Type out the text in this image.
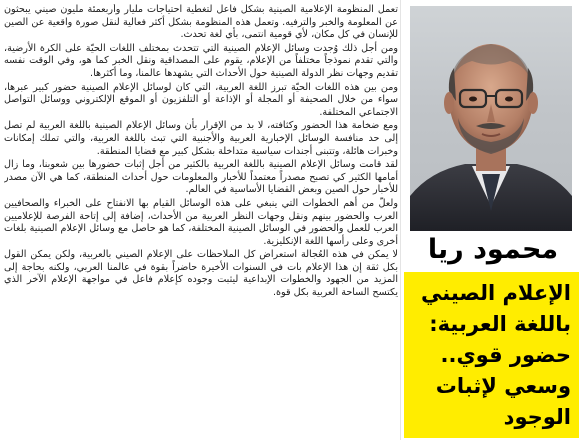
تعمل المنظومة الإعلامية الصينية بشكل فاعل لتغطية احتياجات مليار وأربعمئة مليون صيني يبحثون عن المعلومة والخبر والترفيه. وتعمل هذه المنظومة بشكل أكثر فعالية لنقل صورة واقعية عن الصين للإنسان في كل مكان، لأي قومية انتمى، بأي لغة تحدث.

ومن أجل ذلك وُجدت وسائل الإعلام الصينية التي تتحدث بمختلف اللغات الحيّة على الكرة الأرضية، والتي تقدم نموذجاً مختلفاً من الإعلام، يقوم على المصداقية ونقل الخبر كما هو، وفي الوقت نفسه تقديم وجهات نظر الدولة الصينية حول الأحداث التي يشهدها عالمنا، وما أكثرها.

ومن بين هذه اللغات الحيّة تبرز اللغة العربية، التي كان لوسائل الإعلام الصينية حضور كبير عبرها، سواء من خلال الصحيفة أو المجلة أو الإذاعة أو التلفزيون أو الموقع الإلكتروني ووسائل التواصل الاجتماعي المختلفة.

ومع ضخامة هذا الحضور وكثافته، لا بد من الإقرار بأن وسائل الإعلام الصينية باللغة العربية لم تصل إلى حد منافسة الوسائل الإخبارية العربية والأجنبية التي تبث باللغة العربية، والتي تملك إمكانات وخبرات هائلة، وتتبنى أجندات سياسية متداخلة بشكل كبير مع قضايا المنطقة.

لقد قامت وسائل الإعلام الصينية باللغة العربية بالكثير من أجل إثبات حضورها بين شعوبنا، وما زال أمامها الكثير كي تصبح مصدراً معتمداً للأخبار والمعلومات حول أحداث المنطقة، كما هي الآن مصدر للأخبار حول الصين وبعض القضايا الأساسية في العالم.

ولعلّ من أهم الخطوات التي ينبغي على هذه الوسائل القيام بها الانفتاح على الخبراء والصحافيين العرب والحضور بينهم ونقل وجهات النظر العربية من الأحداث، إضافة إلى إتاحة الفرصة للإعلاميين العرب للعمل والحضور في الوسائل الصينية المختلفة، كما هو حاصل مع وسائل الإعلام الصينية بلغات أخرى وعلى رأسها اللغة الإنكليزية.

لا يمكن في هذه العُجالة استعراض كل الملاحظات على الإعلام الصيني بالعربية، ولكن يمكن القول بكل ثقة إن هذا الإعلام بات في السنوات الأخيرة حاضراً بقوة في عالمنا العربي، ولكنه بحاجة إلى المزيد من الجهود والخطوات الإبداعية ليثبت وجوده كإعلام فاعل في مواجهة الإعلام الآخر الذي يكتسح الساحة العربية بكل قوة.

محمود ريا
الإعلام الصيني
باللغة العربية:
حضور قوي..
وسعي لإثبات
الوجود
